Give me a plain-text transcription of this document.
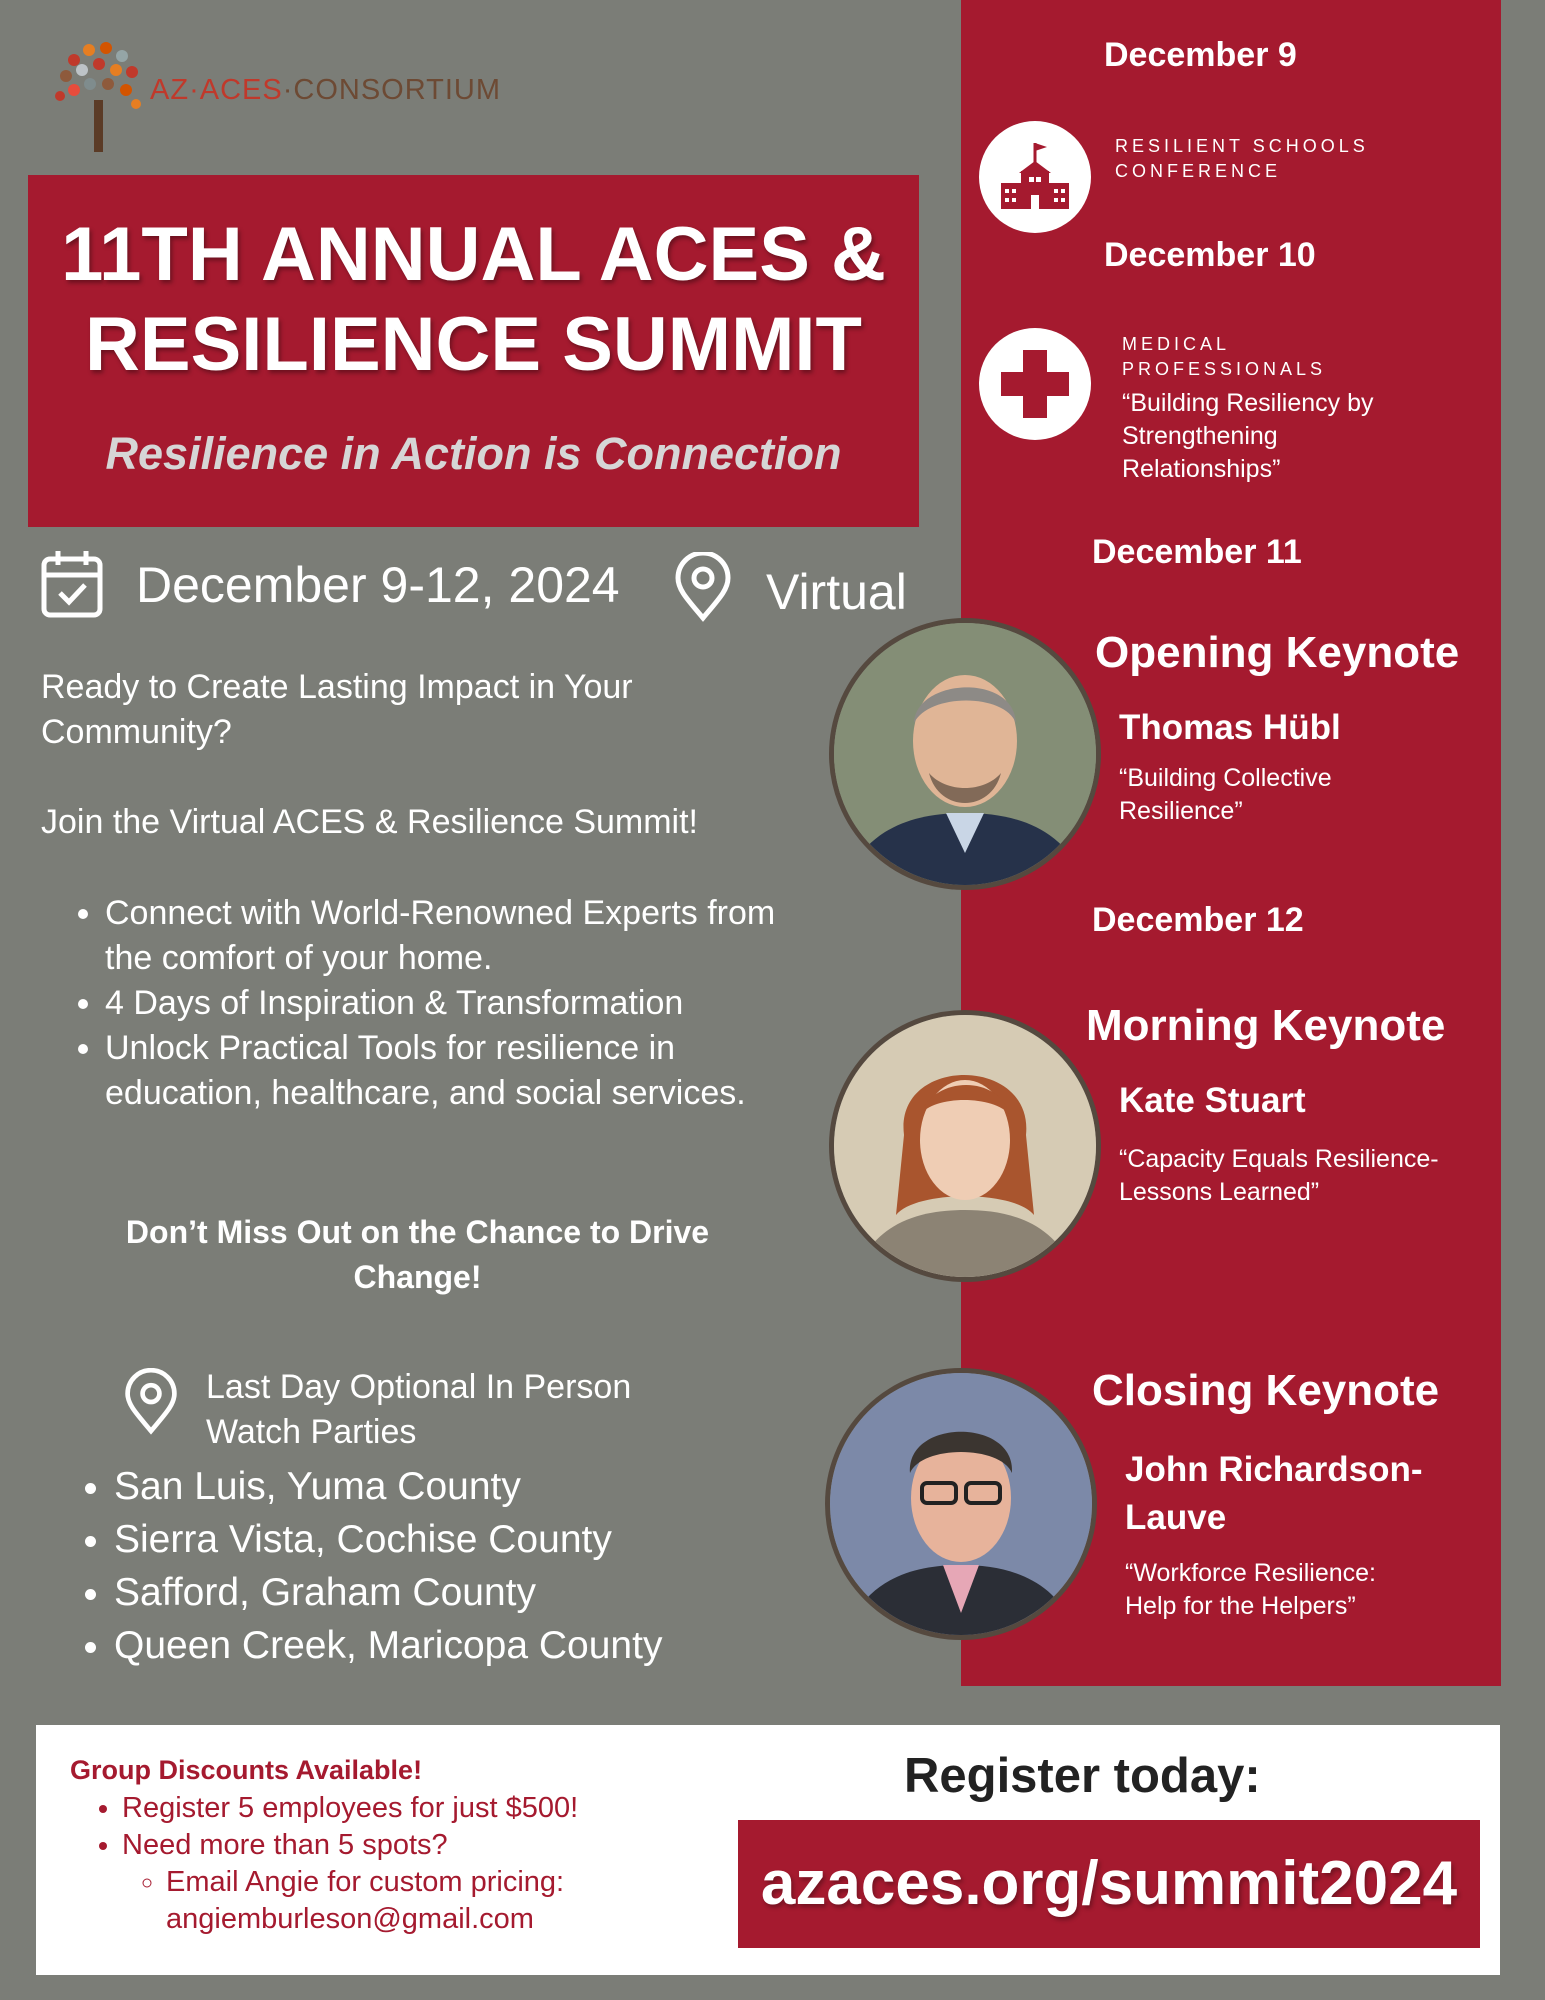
AZ·ACES·CONSORTIUM
11TH ANNUAL ACES &
RESILIENCE SUMMIT
Resilience in Action is Connection
December 9-12, 2024	Virtual
Ready to Create Lasting Impact in Your Community?
Join the Virtual ACES & Resilience Summit!
• Connect with World-Renowned Experts from the comfort of your home.
• 4 Days of Inspiration & Transformation
• Unlock Practical Tools for resilience in education, healthcare, and social services.
Don’t Miss Out on the Chance to Drive Change!
Last Day Optional In Person Watch Parties
• San Luis, Yuma County
• Sierra Vista, Cochise County
• Safford, Graham County
• Queen Creek, Maricopa County
December 9
RESILIENT SCHOOLS
CONFERENCE
December 10
MEDICAL
PROFESSIONALS
“Building Resiliency by Strengthening Relationships”
December 11
Opening Keynote
Thomas Hübl
“Building Collective Resilience”
December 12
Morning Keynote
Kate Stuart
“Capacity Equals Resilience- Lessons Learned”
Closing Keynote
John Richardson-Lauve
“Workforce Resilience: Help for the Helpers”
Group Discounts Available!
• Register 5 employees for just $500!
• Need more than 5 spots?
◦ Email Angie for custom pricing: angiemburleson@gmail.com
Register today:
azaces.org/summit2024
